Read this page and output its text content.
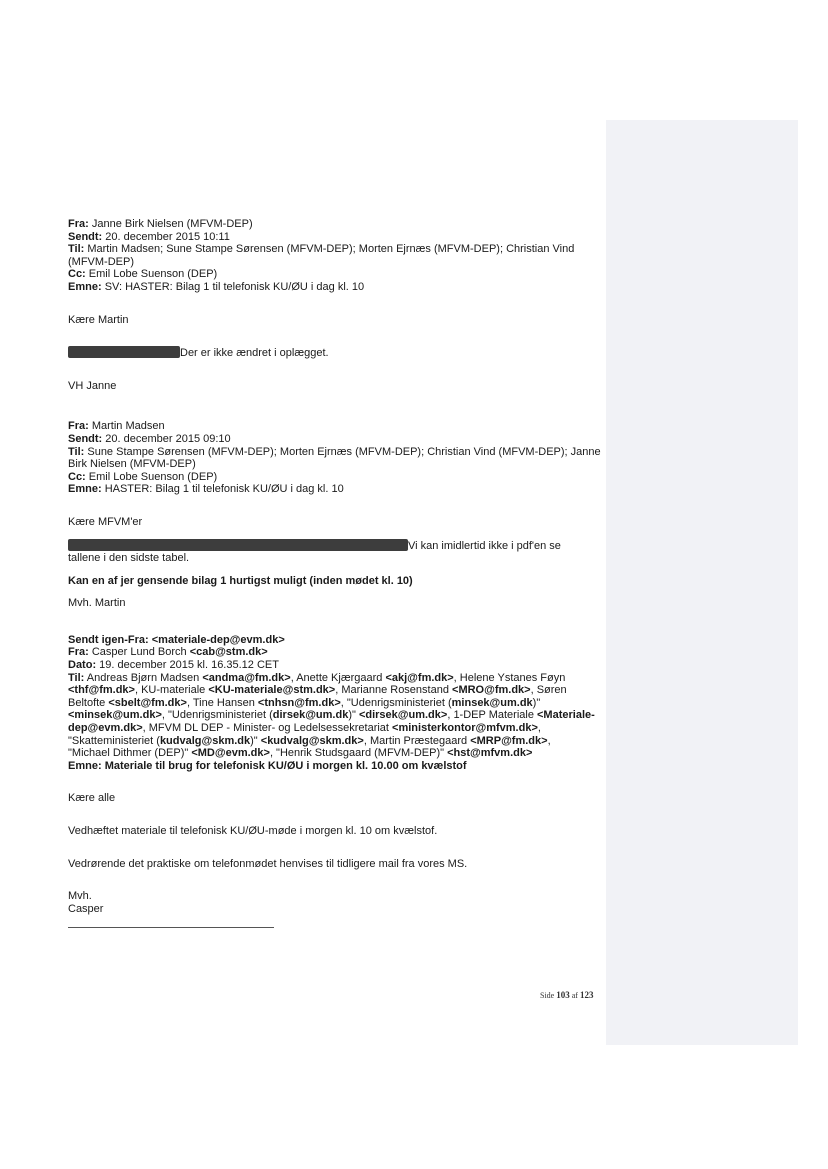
Fra: Janne Birk Nielsen (MFVM-DEP)
Sendt: 20. december 2015 10:11
Til: Martin Madsen; Sune Stampe Sørensen (MFVM-DEP); Morten Ejrnæs (MFVM-DEP); Christian Vind
(MFVM-DEP)
Cc: Emil Lobe Suenson (DEP)
Emne: SV: HASTER: Bilag 1 til telefonisk KU/ØU i dag kl. 10
Kære Martin
Der er ikke ændret i oplægget.
VH Janne
Fra: Martin Madsen
Sendt: 20. december 2015 09:10
Til: Sune Stampe Sørensen (MFVM-DEP); Morten Ejrnæs (MFVM-DEP); Christian Vind (MFVM-DEP); Janne
Birk Nielsen (MFVM-DEP)
Cc: Emil Lobe Suenson (DEP)
Emne: HASTER: Bilag 1 til telefonisk KU/ØU i dag kl. 10
Kære MFVM'er
Vi kan imidlertid ikke i pdf'en se
tallene i den sidste tabel.
Kan en af jer gensende bilag 1 hurtigst muligt (inden mødet kl. 10)
Mvh. Martin
Sendt igen-Fra: <materiale-dep@evm.dk>
Fra: Casper Lund Borch <cab@stm.dk>
Dato: 19. december 2015 kl. 16.35.12 CET
Til: Andreas Bjørn Madsen <andma@fm.dk>, Anette Kjærgaard <akj@fm.dk>, Helene Ystanes Føyn
<thf@fm.dk>, KU-materiale <KU-materiale@stm.dk>, Marianne Rosenstand <MRO@fm.dk>, Søren
Beltofte <sbelt@fm.dk>, Tine Hansen <tnhsn@fm.dk>, "Udenrigsministeriet (minsek@um.dk)"
<minsek@um.dk>, "Udenrigsministeriet (dirsek@um.dk)" <dirsek@um.dk>, 1-DEP Materiale <Materiale-
dep@evm.dk>, MFVM DL DEP - Minister- og Ledelsessekretariat <ministerkontor@mfvm.dk>,
"Skatteministeriet (kudvalg@skm.dk)" <kudvalg@skm.dk>, Martin Præstegaard <MRP@fm.dk>,
"Michael Dithmer (DEP)" <MD@evm.dk>, "Henrik Studsgaard (MFVM-DEP)" <hst@mfvm.dk>
Emne: Materiale til brug for telefonisk KU/ØU i morgen kl. 10.00 om kvælstof
Kære alle
Vedhæftet materiale til telefonisk KU/ØU-møde i morgen kl. 10 om kvælstof.
Vedrørende det praktiske om telefonmødet henvises til tidligere mail fra vores MS.
Mvh.
Casper
Side 103 af 123
